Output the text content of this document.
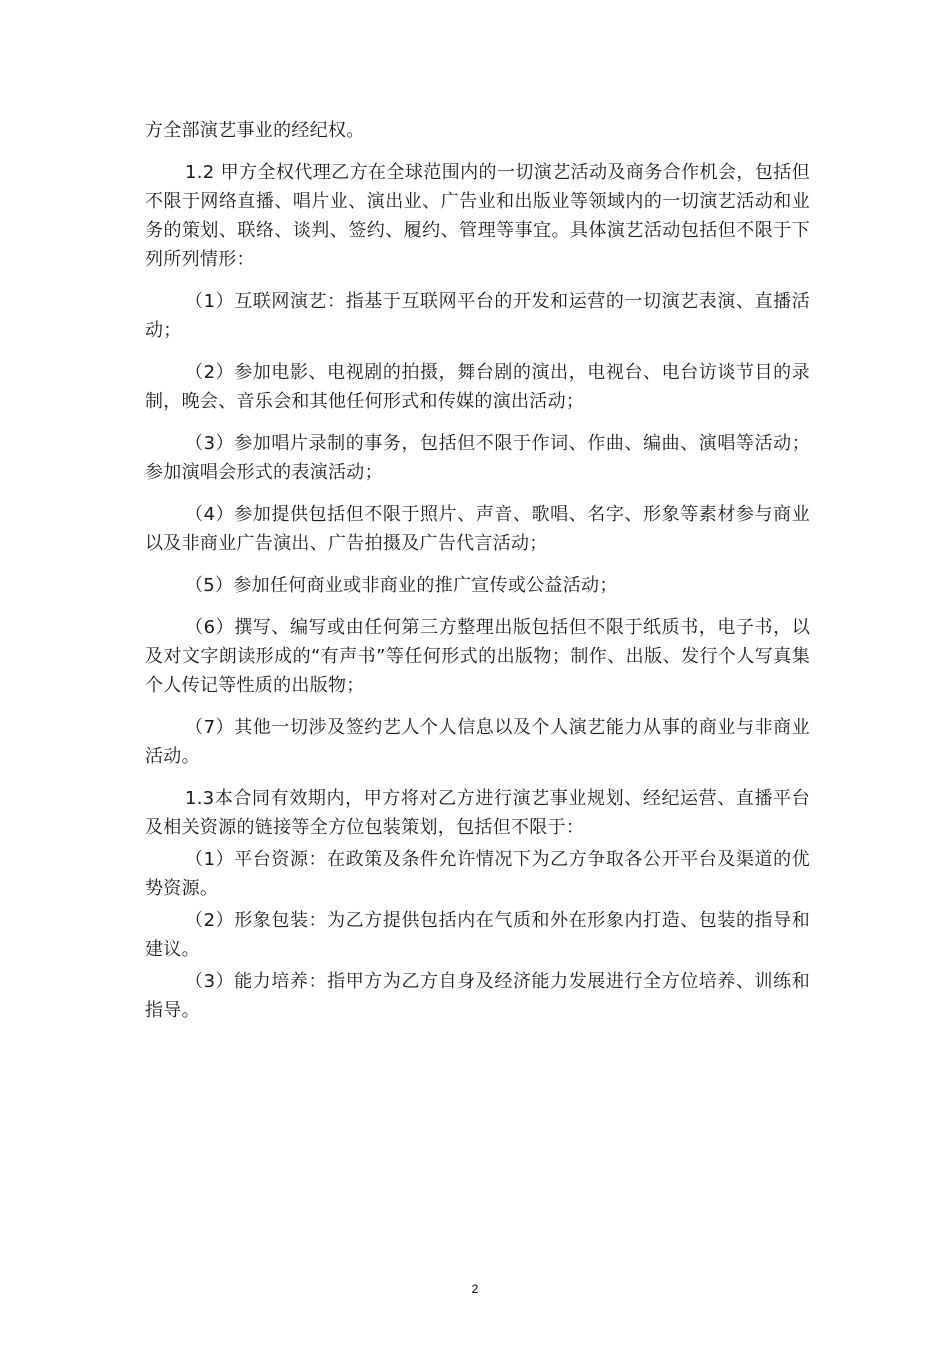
方全部演艺事业的经纪权。

1.2 甲方全权代理乙方在全球范围内的一切演艺活动及商务合作机会，包括但不限于网络直播、唱片业、演出业、广告业和出版业等领域内的一切演艺活动和业务的策划、联络、谈判、签约、履约、管理等事宜。具体演艺活动包括但不限于下列所列情形：

（1）互联网演艺：指基于互联网平台的开发和运营的一切演艺表演、直播活动；

（2）参加电影、电视剧的拍摄，舞台剧的演出，电视台、电台访谈节目的录制，晚会、音乐会和其他任何形式和传媒的演出活动；

（3）参加唱片录制的事务，包括但不限于作词、作曲、编曲、演唱等活动；参加演唱会形式的表演活动；

（4）参加提供包括但不限于照片、声音、歌唱、名字、形象等素材参与商业以及非商业广告演出、广告拍摄及广告代言活动；

（5）参加任何商业或非商业的推广宣传或公益活动；

（6）撰写、编写或由任何第三方整理出版包括但不限于纸质书，电子书，以及对文字朗读形成的“有声书”等任何形式的出版物；制作、出版、发行个人写真集个人传记等性质的出版物；

（7）其他一切涉及签约艺人个人信息以及个人演艺能力从事的商业与非商业活动。

1.3本合同有效期内，甲方将对乙方进行演艺事业规划、经纪运营、直播平台及相关资源的链接等全方位包装策划，包括但不限于：

（1）平台资源：在政策及条件允许情况下为乙方争取各公开平台及渠道的优势资源。

（2）形象包装：为乙方提供包括内在气质和外在形象内打造、包装的指导和建议。

（3）能力培养：指甲方为乙方自身及经济能力发展进行全方位培养、训练和指导。

2
